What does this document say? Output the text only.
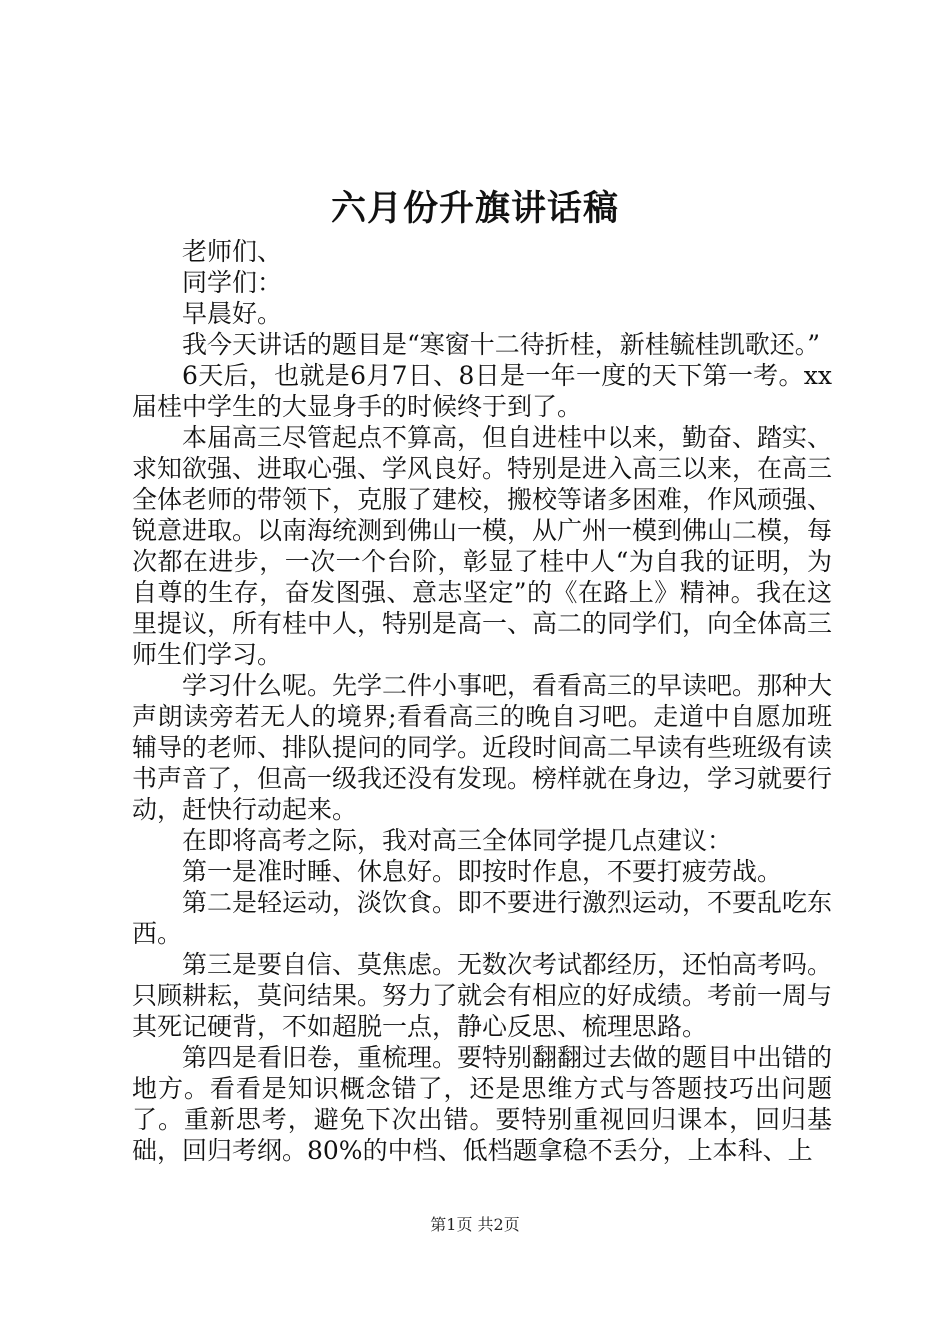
六月份升旗讲话稿

老师们、

同学们：

早晨好。

我今天讲话的题目是“寒窗十二待折桂，新桂毓桂凯歌还。”

6天后，也就是6月7日、8日是一年一度的天下第一考。xx届桂中学生的大显身手的时候终于到了。

本届高三尽管起点不算高，但自进桂中以来，勤奋、踏实、求知欲强、进取心强、学风良好。特别是进入高三以来，在高三全体老师的带领下，克服了建校，搬校等诸多困难，作风顽强、锐意进取。以南海统测到佛山一模，从广州一模到佛山二模，每次都在进步，一次一个台阶，彰显了桂中人“为自我的证明，为自尊的生存，奋发图强、意志坚定”的《在路上》精神。我在这里提议，所有桂中人，特别是高一、高二的同学们，向全体高三师生们学习。

学习什么呢。先学二件小事吧，看看高三的早读吧。那种大声朗读旁若无人的境界;看看高三的晚自习吧。走道中自愿加班辅导的老师、排队提问的同学。近段时间高二早读有些班级有读书声音了，但高一级我还没有发现。榜样就在身边，学习就要行动，赶快行动起来。

在即将高考之际，我对高三全体同学提几点建议：

第一是准时睡、休息好。即按时作息，不要打疲劳战。

第二是轻运动，淡饮食。即不要进行激烈运动，不要乱吃东西。

第三是要自信、莫焦虑。无数次考试都经历，还怕高考吗。只顾耕耘，莫问结果。努力了就会有相应的好成绩。考前一周与其死记硬背，不如超脱一点，静心反思、梳理思路。

第四是看旧卷，重梳理。要特别翻翻过去做的题目中出错的地方。看看是知识概念错了，还是思维方式与答题技巧出问题了。重新思考，避免下次出错。要特别重视回归课本，回归基础，回归考纲。80%的中档、低档题拿稳不丢分，上本科、上

第1页 共2页
